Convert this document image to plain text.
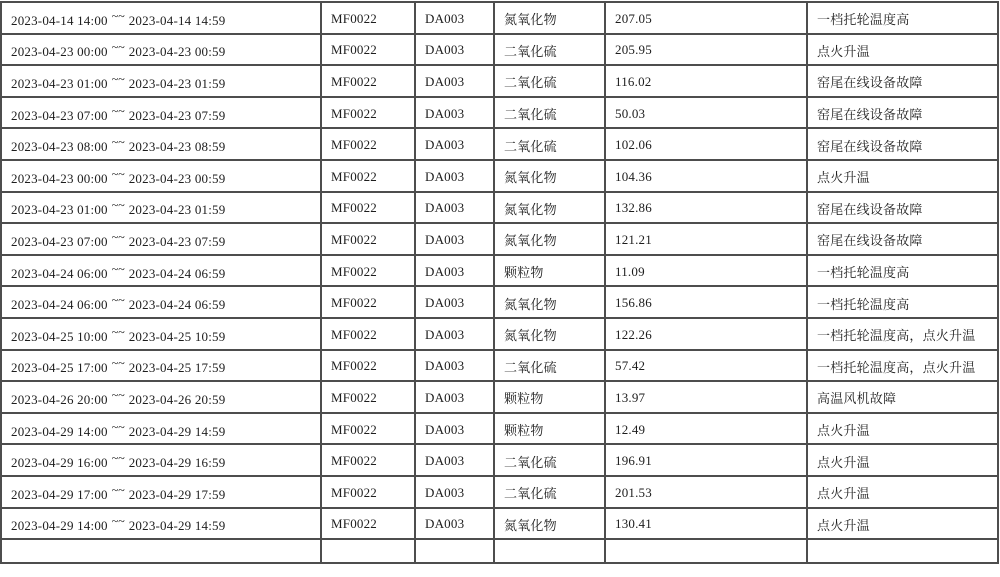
2023-04-14 14:00 ~~ 2023-04-14 14:59	MF0022	DA003	氮氧化物	207.05	一档托轮温度高
2023-04-23 00:00 ~~ 2023-04-23 00:59	MF0022	DA003	二氧化硫	205.95	点火升温
2023-04-23 01:00 ~~ 2023-04-23 01:59	MF0022	DA003	二氧化硫	116.02	窑尾在线设备故障
2023-04-23 07:00 ~~ 2023-04-23 07:59	MF0022	DA003	二氧化硫	50.03	窑尾在线设备故障
2023-04-23 08:00 ~~ 2023-04-23 08:59	MF0022	DA003	二氧化硫	102.06	窑尾在线设备故障
2023-04-23 00:00 ~~ 2023-04-23 00:59	MF0022	DA003	氮氧化物	104.36	点火升温
2023-04-23 01:00 ~~ 2023-04-23 01:59	MF0022	DA003	氮氧化物	132.86	窑尾在线设备故障
2023-04-23 07:00 ~~ 2023-04-23 07:59	MF0022	DA003	氮氧化物	121.21	窑尾在线设备故障
2023-04-24 06:00 ~~ 2023-04-24 06:59	MF0022	DA003	颗粒物	11.09	一档托轮温度高
2023-04-24 06:00 ~~ 2023-04-24 06:59	MF0022	DA003	氮氧化物	156.86	一档托轮温度高
2023-04-25 10:00 ~~ 2023-04-25 10:59	MF0022	DA003	氮氧化物	122.26	一档托轮温度高，点火升温
2023-04-25 17:00 ~~ 2023-04-25 17:59	MF0022	DA003	二氧化硫	57.42	一档托轮温度高，点火升温
2023-04-26 20:00 ~~ 2023-04-26 20:59	MF0022	DA003	颗粒物	13.97	高温风机故障
2023-04-29 14:00 ~~ 2023-04-29 14:59	MF0022	DA003	颗粒物	12.49	点火升温
2023-04-29 16:00 ~~ 2023-04-29 16:59	MF0022	DA003	二氧化硫	196.91	点火升温
2023-04-29 17:00 ~~ 2023-04-29 17:59	MF0022	DA003	二氧化硫	201.53	点火升温
2023-04-29 14:00 ~~ 2023-04-29 14:59	MF0022	DA003	氮氧化物	130.41	点火升温
